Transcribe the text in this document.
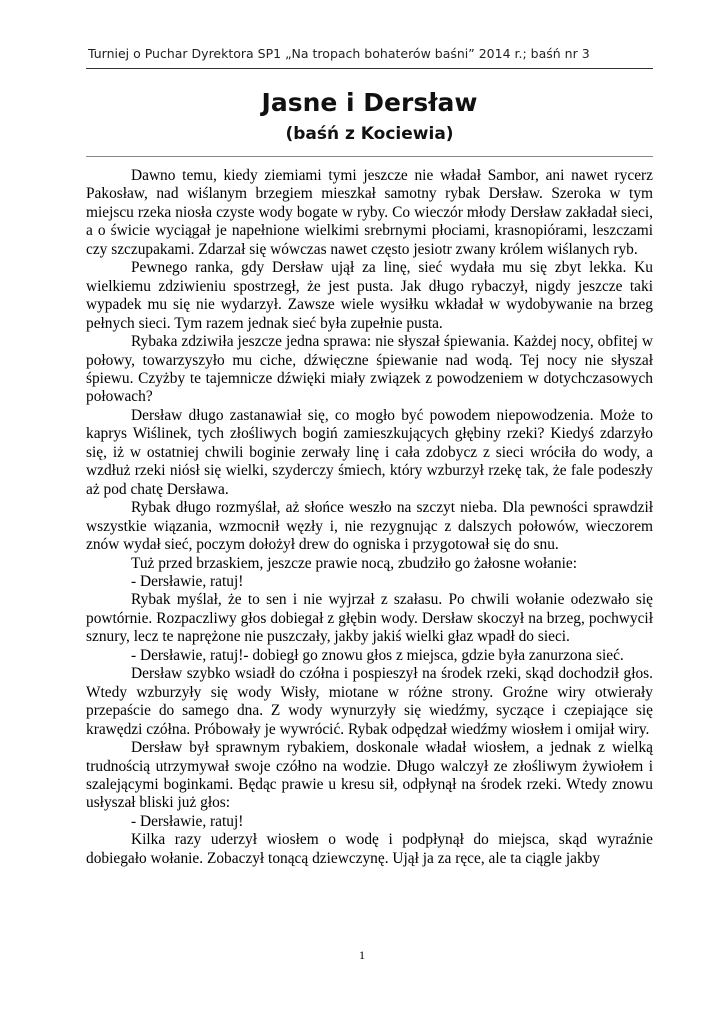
Turniej o Puchar Dyrektora SP1 „Na tropach bohaterów baśni” 2014 r.; baśń nr 3
Jasne i Dersław
(baśń z Kociewia)

Dawno temu, kiedy ziemiami tymi jeszcze nie władał Sambor, ani nawet rycerz Pakosław, nad wiślanym brzegiem mieszkał samotny rybak Dersław. Szeroka w tym miejscu rzeka niosła czyste wody bogate w ryby. Co wieczór młody Dersław zakładał sieci, a o świcie wyciągał je napełnione wielkimi srebrnymi płociami, krasnopiórami, leszczami czy szczupakami. Zdarzał się wówczas nawet często jesiotr zwany królem wiślanych ryb.

Pewnego ranka, gdy Dersław ujął za linę, sieć wydała mu się zbyt lekka. Ku wielkiemu zdziwieniu spostrzegł, że jest pusta. Jak długo rybaczył, nigdy jeszcze taki wypadek mu się nie wydarzył. Zawsze wiele wysiłku wkładał w wydobywanie na brzeg pełnych sieci. Tym razem jednak sieć była zupełnie pusta.

Rybaka zdziwiła jeszcze jedna sprawa: nie słyszał śpiewania. Każdej nocy, obfitej w połowy, towarzyszyło mu ciche, dźwięczne śpiewanie nad wodą. Tej nocy nie słyszał śpiewu. Czyżby te tajemnicze dźwięki miały związek z powodzeniem w dotychczasowych połowach?

Dersław długo zastanawiał się, co mogło być powodem niepowodzenia. Może to kaprys Wiślinek, tych złośliwych bogiń zamieszkujących głębiny rzeki? Kiedyś zdarzyło się, iż w ostatniej chwili boginie zerwały linę i cała zdobycz z sieci wróciła do wody, a wzdłuż rzeki niósł się wielki, szyderczy śmiech, który wzburzył rzekę tak, że fale podeszły aż pod chatę Dersława.

Rybak długo rozmyślał, aż słońce weszło na szczyt nieba. Dla pewności sprawdził wszystkie wiązania, wzmocnił węzły i, nie rezygnując z dalszych połowów, wieczorem znów wydał sieć, poczym dołożył drew do ogniska i przygotował się do snu.

Tuż przed brzaskiem, jeszcze prawie nocą, zbudziło go żałosne wołanie:

- Dersławie, ratuj!

Rybak myślał, że to sen i nie wyjrzał z szałasu. Po chwili wołanie odezwało się powtórnie. Rozpaczliwy głos dobiegał z głębin wody. Dersław skoczył na brzeg, pochwycił sznury, lecz te naprężone nie puszczały, jakby jakiś wielki głaz wpadł do sieci.

- Dersławie, ratuj!- dobiegł go znowu głos z miejsca, gdzie była zanurzona sieć.

Dersław szybko wsiadł do czółna i pospieszył na środek rzeki, skąd dochodził głos. Wtedy wzburzyły się wody Wisły, miotane w różne strony. Groźne wiry otwierały przepaście do samego dna. Z wody wynurzyły się wiedźmy, syczące i czepiające się krawędzi czółna. Próbowały je wywrócić. Rybak odpędzał wiedźmy wiosłem i omijał wiry.

Dersław był sprawnym rybakiem, doskonale władał wiosłem, a jednak z wielką trudnością utrzymywał swoje czółno na wodzie. Długo walczył ze złośliwym żywiołem i szalejącymi boginkami. Będąc prawie u kresu sił, odpłynął na środek rzeki. Wtedy znowu usłyszał bliski już głos:

- Dersławie, ratuj!

Kilka razy uderzył wiosłem o wodę i podpłynął do miejsca, skąd wyraźnie dobiegało wołanie. Zobaczył tonącą dziewczynę. Ujął ja za ręce, ale ta ciągle jakby

1
